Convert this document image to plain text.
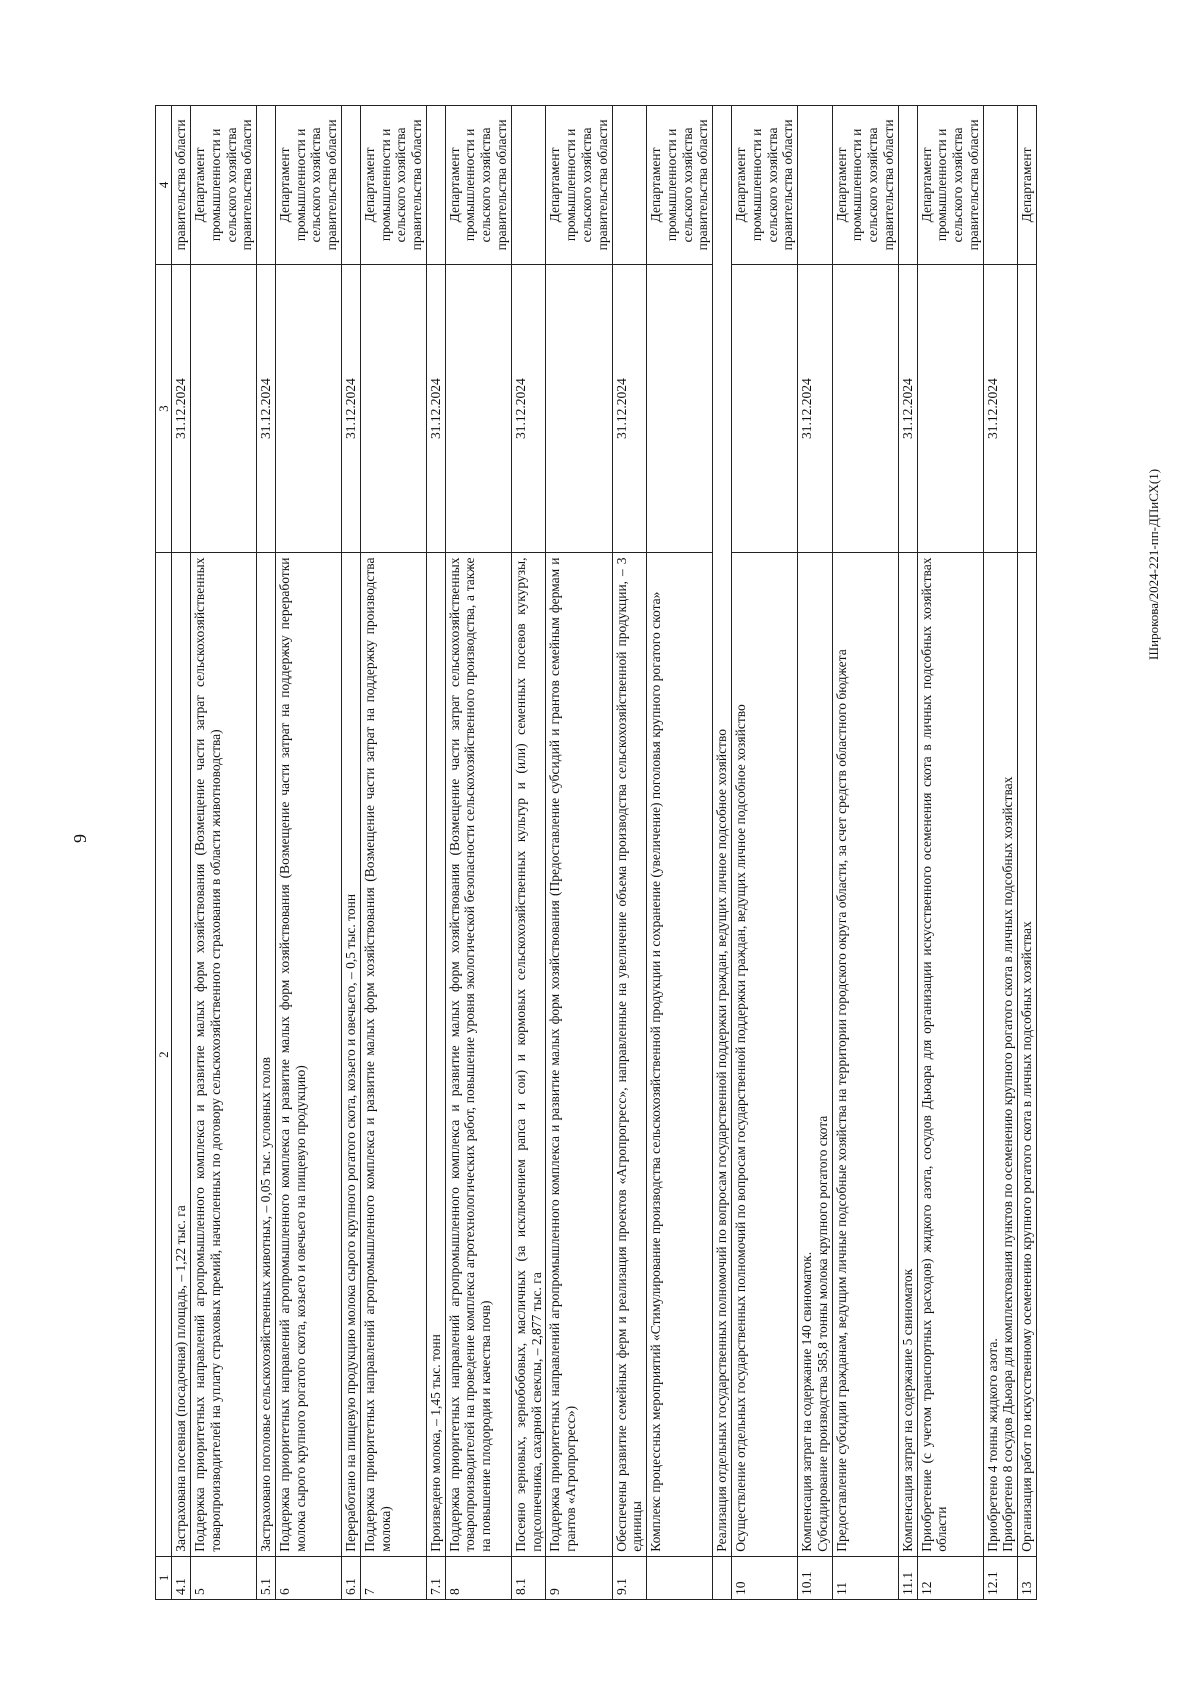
9
Широкова/2024-221-пп-ДПиСХ(1)
1	2	3	4
4.1	Застрахована посевная (посадочная) площадь, – 1,22 тыс. га	31.12.2024	правительства области
5	Поддержка приоритетных направлений агропромышленного комплекса и развитие малых форм хозяйствования (Возмещение части затрат сельскохозяйственных товаропроизводителей на уплату страховых премий, начисленных по договору сельскохозяйственного страхования в области животноводства)		Департамент промышленности и сельского хозяйства правительства области
5.1	Застраховано поголовье сельскохозяйственных животных, – 0,05 тыс. условных голов	31.12.2024	
6	Поддержка приоритетных направлений агропромышленного комплекса и развитие малых форм хозяйствования (Возмещение части затрат на поддержку переработки молока сырого крупного рогатого скота, козьего и овечьего на пищевую продукцию)		Департамент промышленности и сельского хозяйства правительства области
6.1	Переработано на пищевую продукцию молока сырого крупного рогатого скота, козьего и овечьего, – 0,5 тыс. тонн	31.12.2024	
7	Поддержка приоритетных направлений агропромышленного комплекса и развитие малых форм хозяйствования (Возмещение части затрат на поддержку производства молока)		Департамент промышленности и сельского хозяйства правительства области
7.1	Произведено молока, – 1,45 тыс. тонн	31.12.2024	
8	Поддержка приоритетных направлений агропромышленного комплекса и развитие малых форм хозяйствования (Возмещение части затрат сельскохозяйственных товаропроизводителей на проведение комплекса агротехнологических работ, повышение уровня экологической безопасности сельскохозяйственного производства, а также на повышение плодородия и качества почв)		Департамент промышленности и сельского хозяйства правительства области
8.1	Посеяно зерновых, зернобобовых, масличных (за исключением рапса и сои) и кормовых сельскохозяйственных культур и (или) семенных посевов кукурузы, подсолнечника, сахарной свеклы, – 2,877 тыс. га	31.12.2024	
9	Поддержка приоритетных направлений агропромышленного комплекса и развитие малых форм хозяйствования (Предоставление субсидий и грантов семейным фермам и грантов «Агропрогресс»)		Департамент промышленности и сельского хозяйства правительства области
9.1	Обеспечены развитие семейных ферм и реализация проектов «Агропрогресс», направленные на увеличение объема производства сельскохозяйственной продукции, – 3 единицы	31.12.2024	
	Комплекс процессных мероприятий «Стимулирование производства сельскохозяйственной продукции и сохранение (увеличение) поголовья крупного рогатого скота»		Департамент промышленности и сельского хозяйства правительства области
	Реализация отдельных государственных полномочий по вопросам государственной поддержки граждан, ведущих личное подсобное хозяйство		
10	Осуществление отдельных государственных полномочий по вопросам государственной поддержки граждан, ведущих личное подсобное хозяйство		Департамент промышленности и сельского хозяйства правительства области
10.1	Компенсация затрат на содержание 140 свиноматок.
Субсидирование производства 585,8 тонны молока крупного рогатого скота	31.12.2024	
11	Предоставление субсидии гражданам, ведущим личные подсобные хозяйства на территории городского округа области, за счет средств областного бюджета		Департамент промышленности и сельского хозяйства правительства области
11.1	Компенсация затрат на содержание 5 свиноматок	31.12.2024	
12	Приобретение (с учетом транспортных расходов) жидкого азота, сосудов Дьюара для организации искусственного осеменения скота в личных подсобных хозяйствах области		Департамент промышленности и сельского хозяйства правительства области
12.1	Приобретено 4 тонны жидкого азота.
Приобретено 8 сосудов Дьюара для комплектования пунктов по осеменению крупного рогатого скота в личных подсобных хозяйствах	31.12.2024	
13	Организация работ по искусственному осеменению крупного рогатого скота в личных подсобных хозяйствах		Департамент
